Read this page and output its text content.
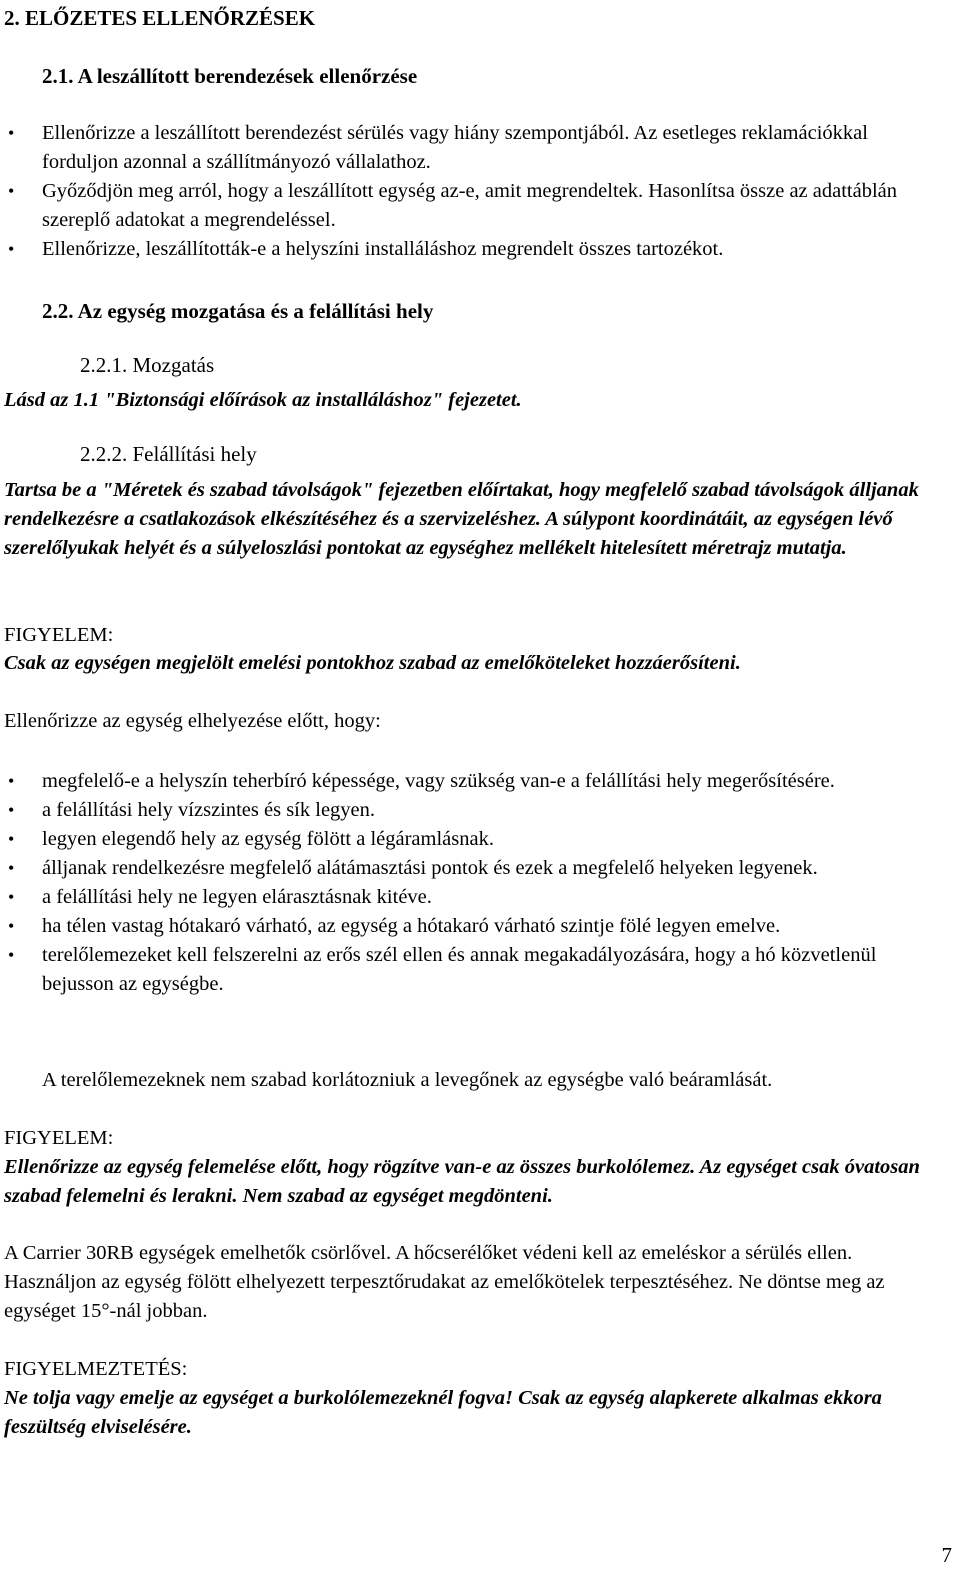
2. ELŐZETES ELLENŐRZÉSEK
2.1. A leszállított berendezések ellenőrzése
• Ellenőrizze a leszállított berendezést sérülés vagy hiány szempontjából. Az esetleges reklamációkkal forduljon azonnal a szállítmányozó vállalathoz.
• Győződjön meg arról, hogy a leszállított egység az-e, amit megrendeltek. Hasonlítsa össze az adattáblán szereplő adatokat a megrendeléssel.
• Ellenőrizze, leszállították-e a helyszíni installáláshoz megrendelt összes tartozékot.
2.2. Az egység mozgatása és a felállítási hely
2.2.1. Mozgatás
Lásd az 1.1 "Biztonsági előírások az installáláshoz" fejezetet.
2.2.2. Felállítási hely
Tartsa be a "Méretek és szabad távolságok" fejezetben előírtakat, hogy megfelelő szabad távolságok álljanak rendelkezésre a csatlakozások elkészítéséhez és a szervizeléshez. A súlypont koordinátáit, az egységen lévő szerelőlyukak helyét és a súlyeloszlási pontokat az egységhez mellékelt hitelesített méretrajz mutatja.
FIGYELEM:
Csak az egységen megjelölt emelési pontokhoz szabad az emelőköteleket hozzáerősíteni.
Ellenőrizze az egység elhelyezése előtt, hogy:
• megfelelő-e a helyszín teherbíró képessége, vagy szükség van-e a felállítási hely megerősítésére.
• a felállítási hely vízszintes és sík legyen.
• legyen elegendő hely az egység fölött a légáramlásnak.
• álljanak rendelkezésre megfelelő alátámasztási pontok és ezek a megfelelő helyeken legyenek.
• a felállítási hely ne legyen elárasztásnak kitéve.
• ha télen vastag hótakaró várható, az egység a hótakaró várható szintje fölé legyen emelve.
• terelőlemezeket kell felszerelni az erős szél ellen és annak megakadályozására, hogy a hó közvetlenül bejusson az egységbe.
A terelőlemezeknek nem szabad korlátozniuk a levegőnek az egységbe való beáramlását.
FIGYELEM:
Ellenőrizze az egység felemelése előtt, hogy rögzítve van-e az összes burkolólemez. Az egységet csak óvatosan szabad felemelni és lerakni. Nem szabad az egységet megdönteni.
A Carrier 30RB egységek emelhetők csörlővel. A hőcserélőket védeni kell az emeléskor a sérülés ellen. Használjon az egység fölött elhelyezett terpesztőrudakat az emelőkötelek terpesztéséhez. Ne döntse meg az egységet 15°-nál jobban.
FIGYELMEZTETÉS:
Ne tolja vagy emelje az egységet a burkolólemezeknél fogva! Csak az egység alapkerete alkalmas ekkora feszültség elviselésére.
7
